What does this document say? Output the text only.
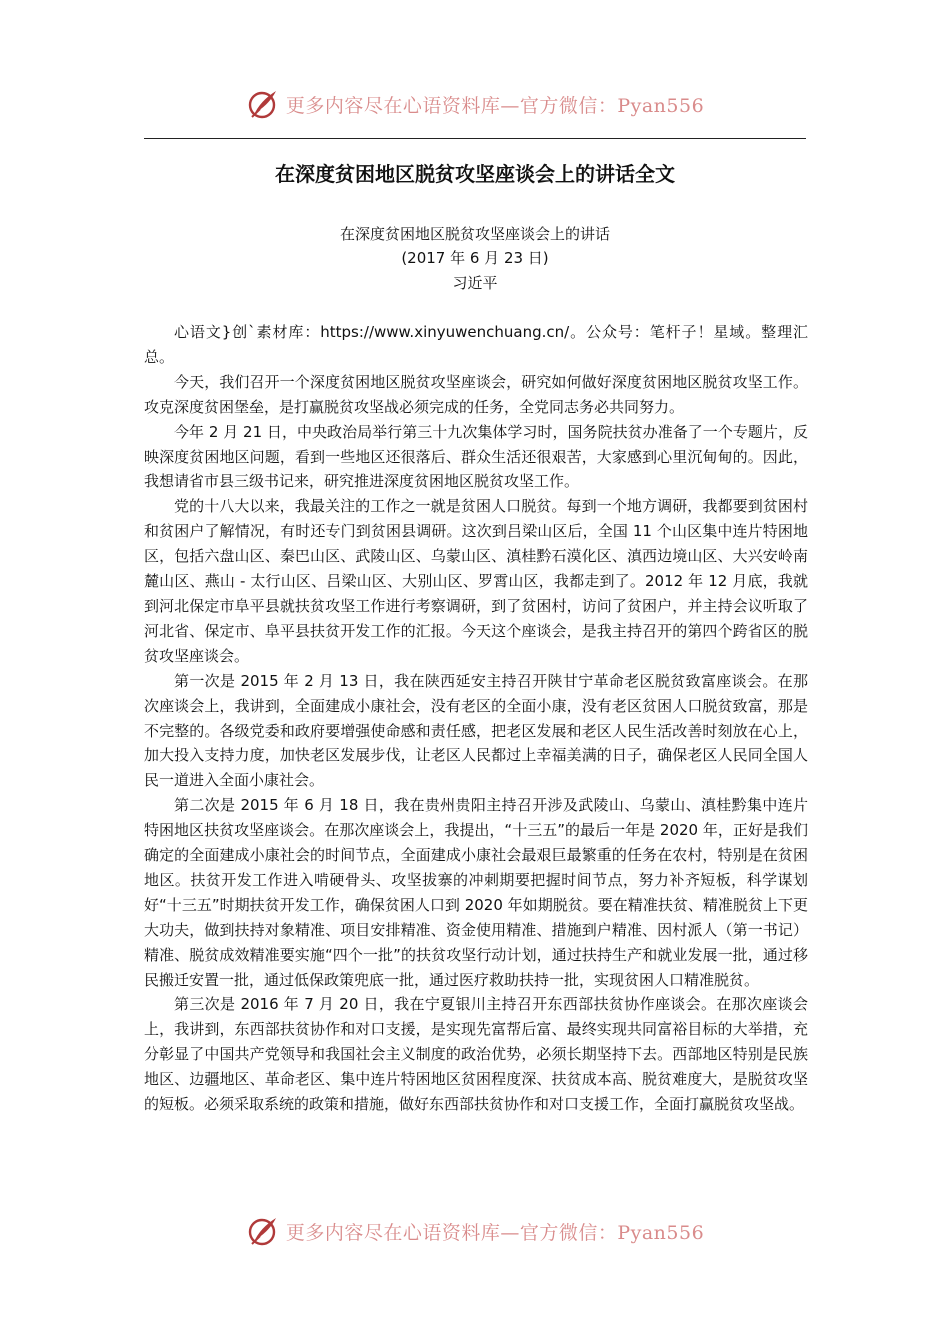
更多内容尽在心语资料库—官方微信：Pyan556
在深度贫困地区脱贫攻坚座谈会上的讲话全文
在深度贫困地区脱贫攻坚座谈会上的讲话
(2017 年 6 月 23 日)
习近平

心语文}创`素材库：https://www.xinyuwenchuang.cn/。公众号：笔杆子！星域。整理汇总。

今天，我们召开一个深度贫困地区脱贫攻坚座谈会，研究如何做好深度贫困地区脱贫攻坚工作。攻克深度贫困堡垒，是打赢脱贫攻坚战必须完成的任务，全党同志务必共同努力。

今年 2 月 21 日，中央政治局举行第三十九次集体学习时，国务院扶贫办准备了一个专题片，反映深度贫困地区问题，看到一些地区还很落后、群众生活还很艰苦，大家感到心里沉甸甸的。因此，我想请省市县三级书记来，研究推进深度贫困地区脱贫攻坚工作。

党的十八大以来，我最关注的工作之一就是贫困人口脱贫。每到一个地方调研，我都要到贫困村和贫困户了解情况，有时还专门到贫困县调研。这次到吕梁山区后，全国 11 个山区集中连片特困地区，包括六盘山区、秦巴山区、武陵山区、乌蒙山区、滇桂黔石漠化区、滇西边境山区、大兴安岭南麓山区、燕山 - 太行山区、吕梁山区、大别山区、罗霄山区，我都走到了。2012 年 12 月底，我就到河北保定市阜平县就扶贫攻坚工作进行考察调研，到了贫困村，访问了贫困户，并主持会议听取了河北省、保定市、阜平县扶贫开发工作的汇报。今天这个座谈会，是我主持召开的第四个跨省区的脱贫攻坚座谈会。

第一次是 2015 年 2 月 13 日，我在陕西延安主持召开陕甘宁革命老区脱贫致富座谈会。在那次座谈会上，我讲到，全面建成小康社会，没有老区的全面小康，没有老区贫困人口脱贫致富，那是不完整的。各级党委和政府要增强使命感和责任感，把老区发展和老区人民生活改善时刻放在心上，加大投入支持力度，加快老区发展步伐，让老区人民都过上幸福美满的日子，确保老区人民同全国人民一道进入全面小康社会。

第二次是 2015 年 6 月 18 日，我在贵州贵阳主持召开涉及武陵山、乌蒙山、滇桂黔集中连片特困地区扶贫攻坚座谈会。在那次座谈会上，我提出，“十三五”的最后一年是 2020 年，正好是我们确定的全面建成小康社会的时间节点，全面建成小康社会最艰巨最繁重的任务在农村，特别是在贫困地区。扶贫开发工作进入啃硬骨头、攻坚拔寨的冲刺期要把握时间节点，努力补齐短板，科学谋划好“十三五”时期扶贫开发工作，确保贫困人口到 2020 年如期脱贫。要在精准扶贫、精准脱贫上下更大功夫，做到扶持对象精准、项目安排精准、资金使用精准、措施到户精准、因村派人（第一书记）精准、脱贫成效精准要实施“四个一批”的扶贫攻坚行动计划，通过扶持生产和就业发展一批，通过移民搬迁安置一批，通过低保政策兜底一批，通过医疗救助扶持一批，实现贫困人口精准脱贫。

第三次是 2016 年 7 月 20 日，我在宁夏银川主持召开东西部扶贫协作座谈会。在那次座谈会上，我讲到，东西部扶贫协作和对口支援，是实现先富帮后富、最终实现共同富裕目标的大举措，充分彰显了中国共产党领导和我国社会主义制度的政治优势，必须长期坚持下去。西部地区特别是民族地区、边疆地区、革命老区、集中连片特困地区贫困程度深、扶贫成本高、脱贫难度大，是脱贫攻坚的短板。必须采取系统的政策和措施，做好东西部扶贫协作和对口支援工作，全面打赢脱贫攻坚战。

更多内容尽在心语资料库—官方微信：Pyan556
